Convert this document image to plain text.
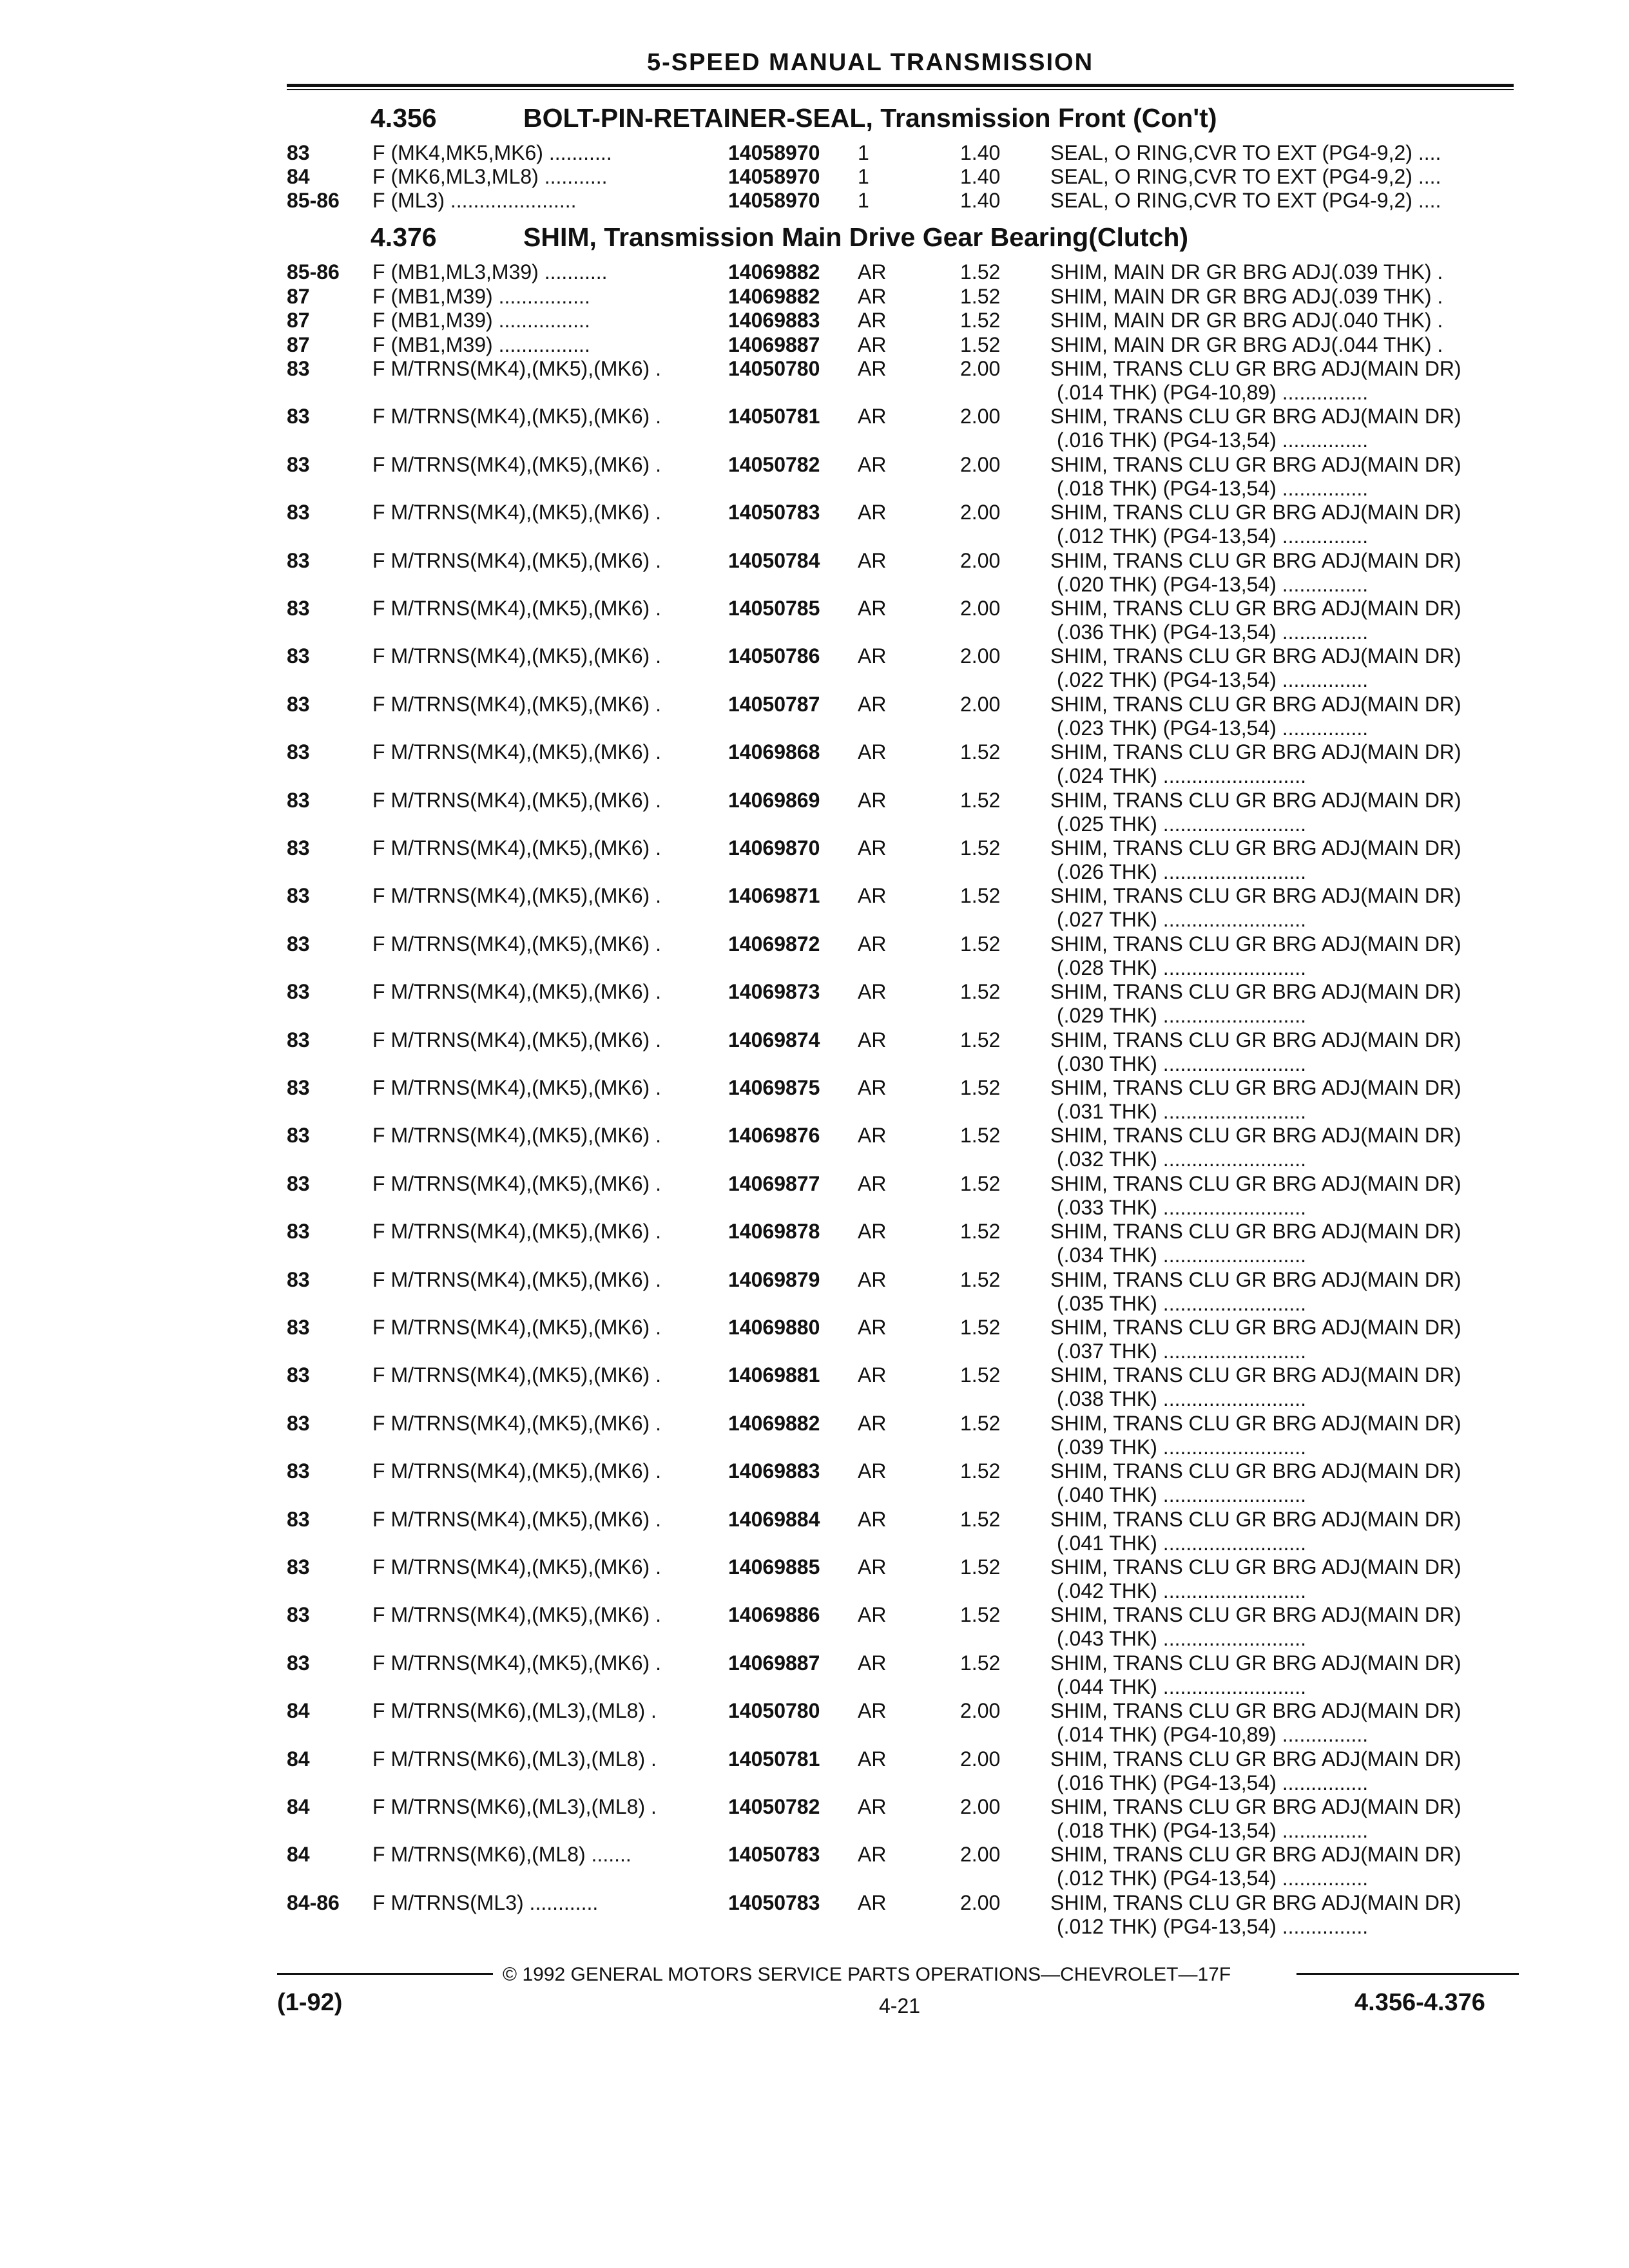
5-SPEED MANUAL TRANSMISSION
4.356	BOLT-PIN-RETAINER-SEAL, Transmission Front (Con't)
83	F (MK4,MK5,MK6) ...........	14058970 1	1.40 SEAL, O RING,CVR TO EXT (PG4-9,2) ....
84	F (MK6,ML3,ML8) ...........	14058970 1	1.40 SEAL, O RING,CVR TO EXT (PG4-9,2) ....
85-86 F (ML3) ......................	14058970 1	1.40 SEAL, O RING,CVR TO EXT (PG4-9,2) ....
4.376	SHIM, Transmission Main Drive Gear Bearing(Clutch)
85-86 F (MB1,ML3,M39) ...........	14069882 AR	1.52 SHIM, MAIN DR GR BRG ADJ(.039 THK) .
87	F (MB1,M39) ................	14069882 AR	1.52 SHIM, MAIN DR GR BRG ADJ(.039 THK) .
87	F (MB1,M39) ................	14069883 AR	1.52 SHIM, MAIN DR GR BRG ADJ(.040 THK) .
87	F (MB1,M39) ................	14069887 AR	1.52 SHIM, MAIN DR GR BRG ADJ(.044 THK) .
83	F M/TRNS(MK4),(MK5),(MK6) .	14050780 AR	2.00 SHIM, TRANS CLU GR BRG ADJ(MAIN DR)
(.014 THK) (PG4-10,89) ...............
83	F M/TRNS(MK4),(MK5),(MK6) .	14050781 AR	2.00 SHIM, TRANS CLU GR BRG ADJ(MAIN DR)
(.016 THK) (PG4-13,54) ...............
83	F M/TRNS(MK4),(MK5),(MK6) .	14050782 AR	2.00 SHIM, TRANS CLU GR BRG ADJ(MAIN DR)
(.018 THK) (PG4-13,54) ...............
83	F M/TRNS(MK4),(MK5),(MK6) .	14050783 AR	2.00 SHIM, TRANS CLU GR BRG ADJ(MAIN DR)
(.012 THK) (PG4-13,54) ...............
83	F M/TRNS(MK4),(MK5),(MK6) .	14050784 AR	2.00 SHIM, TRANS CLU GR BRG ADJ(MAIN DR)
(.020 THK) (PG4-13,54) ...............
83	F M/TRNS(MK4),(MK5),(MK6) .	14050785 AR	2.00 SHIM, TRANS CLU GR BRG ADJ(MAIN DR)
(.036 THK) (PG4-13,54) ...............
83	F M/TRNS(MK4),(MK5),(MK6) .	14050786 AR	2.00 SHIM, TRANS CLU GR BRG ADJ(MAIN DR)
(.022 THK) (PG4-13,54) ...............
83	F M/TRNS(MK4),(MK5),(MK6) .	14050787 AR	2.00 SHIM, TRANS CLU GR BRG ADJ(MAIN DR)
(.023 THK) (PG4-13,54) ...............
83	F M/TRNS(MK4),(MK5),(MK6) .	14069868 AR	1.52 SHIM, TRANS CLU GR BRG ADJ(MAIN DR)
(.024 THK) .........................
83	F M/TRNS(MK4),(MK5),(MK6) .	14069869 AR	1.52 SHIM, TRANS CLU GR BRG ADJ(MAIN DR)
(.025 THK) .........................
83	F M/TRNS(MK4),(MK5),(MK6) .	14069870 AR	1.52 SHIM, TRANS CLU GR BRG ADJ(MAIN DR)
(.026 THK) .........................
83	F M/TRNS(MK4),(MK5),(MK6) .	14069871 AR	1.52 SHIM, TRANS CLU GR BRG ADJ(MAIN DR)
(.027 THK) .........................
83	F M/TRNS(MK4),(MK5),(MK6) .	14069872 AR	1.52 SHIM, TRANS CLU GR BRG ADJ(MAIN DR)
(.028 THK) .........................
83	F M/TRNS(MK4),(MK5),(MK6) .	14069873 AR	1.52 SHIM, TRANS CLU GR BRG ADJ(MAIN DR)
(.029 THK) .........................
83	F M/TRNS(MK4),(MK5),(MK6) .	14069874 AR	1.52 SHIM, TRANS CLU GR BRG ADJ(MAIN DR)
(.030 THK) .........................
83	F M/TRNS(MK4),(MK5),(MK6) .	14069875 AR	1.52 SHIM, TRANS CLU GR BRG ADJ(MAIN DR)
(.031 THK) .........................
83	F M/TRNS(MK4),(MK5),(MK6) .	14069876 AR	1.52 SHIM, TRANS CLU GR BRG ADJ(MAIN DR)
(.032 THK) .........................
83	F M/TRNS(MK4),(MK5),(MK6) .	14069877 AR	1.52 SHIM, TRANS CLU GR BRG ADJ(MAIN DR)
(.033 THK) .........................
83	F M/TRNS(MK4),(MK5),(MK6) .	14069878 AR	1.52 SHIM, TRANS CLU GR BRG ADJ(MAIN DR)
(.034 THK) .........................
83	F M/TRNS(MK4),(MK5),(MK6) .	14069879 AR	1.52 SHIM, TRANS CLU GR BRG ADJ(MAIN DR)
(.035 THK) .........................
83	F M/TRNS(MK4),(MK5),(MK6) .	14069880 AR	1.52 SHIM, TRANS CLU GR BRG ADJ(MAIN DR)
(.037 THK) .........................
83	F M/TRNS(MK4),(MK5),(MK6) .	14069881 AR	1.52 SHIM, TRANS CLU GR BRG ADJ(MAIN DR)
(.038 THK) .........................
83	F M/TRNS(MK4),(MK5),(MK6) .	14069882 AR	1.52 SHIM, TRANS CLU GR BRG ADJ(MAIN DR)
(.039 THK) .........................
83	F M/TRNS(MK4),(MK5),(MK6) .	14069883 AR	1.52 SHIM, TRANS CLU GR BRG ADJ(MAIN DR)
(.040 THK) .........................
83	F M/TRNS(MK4),(MK5),(MK6) .	14069884 AR	1.52 SHIM, TRANS CLU GR BRG ADJ(MAIN DR)
(.041 THK) .........................
83	F M/TRNS(MK4),(MK5),(MK6) .	14069885 AR	1.52 SHIM, TRANS CLU GR BRG ADJ(MAIN DR)
(.042 THK) .........................
83	F M/TRNS(MK4),(MK5),(MK6) .	14069886 AR	1.52 SHIM, TRANS CLU GR BRG ADJ(MAIN DR)
(.043 THK) .........................
83	F M/TRNS(MK4),(MK5),(MK6) .	14069887 AR	1.52 SHIM, TRANS CLU GR BRG ADJ(MAIN DR)
(.044 THK) .........................
84	F M/TRNS(MK6),(ML3),(ML8) .	14050780 AR	2.00 SHIM, TRANS CLU GR BRG ADJ(MAIN DR)
(.014 THK) (PG4-10,89) ...............
84	F M/TRNS(MK6),(ML3),(ML8) .	14050781 AR	2.00 SHIM, TRANS CLU GR BRG ADJ(MAIN DR)
(.016 THK) (PG4-13,54) ...............
84	F M/TRNS(MK6),(ML3),(ML8) .	14050782 AR	2.00 SHIM, TRANS CLU GR BRG ADJ(MAIN DR)
(.018 THK) (PG4-13,54) ...............
84	F M/TRNS(MK6),(ML8) .......	14050783 AR	2.00 SHIM, TRANS CLU GR BRG ADJ(MAIN DR)
(.012 THK) (PG4-13,54) ...............
84-86 F M/TRNS(ML3) ............	14050783 AR	2.00 SHIM, TRANS CLU GR BRG ADJ(MAIN DR)
(.012 THK) (PG4-13,54) ...............
© 1992 GENERAL MOTORS SERVICE PARTS OPERATIONS—CHEVROLET—17F
(1-92)	4-21	4.356-4.376
